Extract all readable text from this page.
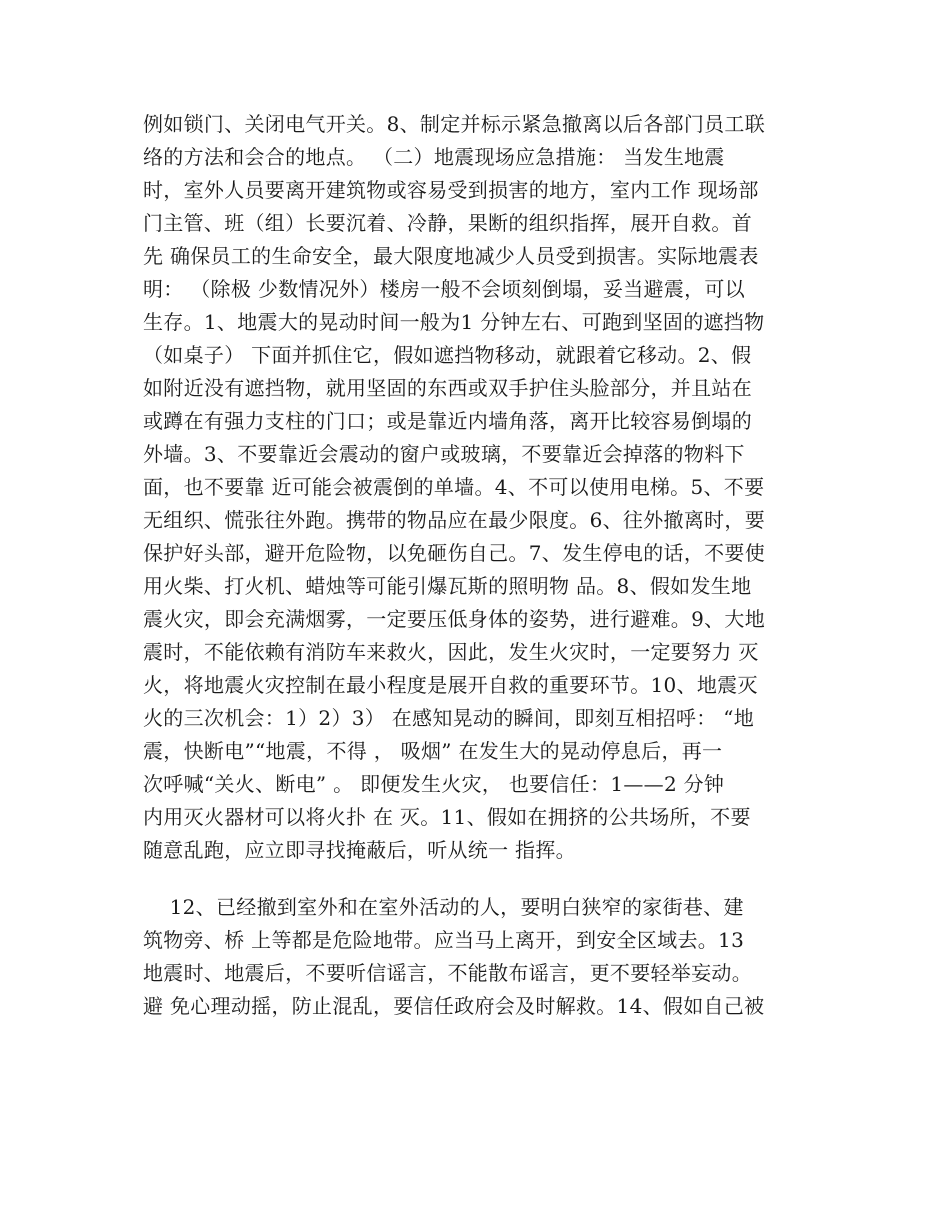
例如锁门、关闭电气开关。8、制定并标示紧急撤离以后各部门员工联
络的方法和会合的地点。 （二）地震现场应急措施： 当发生地震
时，室外人员要离开建筑物或容易受到损害的地方，室内工作 现场部
门主管、班（组）长要沉着、冷静，果断的组织指挥，展开自救。首
先 确保员工的生命安全，最大限度地减少人员受到损害。实际地震表
明： （除极 少数情况外）楼房一般不会顷刻倒塌，妥当避震，可以
生存。1、地震大的晃动时间一般为1 分钟左右、可跑到坚固的遮挡物
（如桌子） 下面并抓住它，假如遮挡物移动，就跟着它移动。2、假
如附近没有遮挡物，就用坚固的东西或双手护住头脸部分，并且站在
或蹲在有强力支柱的门口；或是靠近内墙角落，离开比较容易倒塌的
外墙。3、不要靠近会震动的窗户或玻璃，不要靠近会掉落的物料下
面，也不要靠 近可能会被震倒的单墙。4、不可以使用电梯。5、不要
无组织、慌张往外跑。携带的物品应在最少限度。6、往外撤离时，要
保护好头部，避开危险物，以免砸伤自己。7、发生停电的话，不要使
用火柴、打火机、蜡烛等可能引爆瓦斯的照明物 品。8、假如发生地
震火灾，即会充满烟雾，一定要压低身体的姿势，进行避难。9、大地
震时，不能依赖有消防车来救火，因此，发生火灾时，一定要努力 灭
火，将地震火灾控制在最小程度是展开自救的重要环节。10、地震灭
火的三次机会：1）2）3） 在感知晃动的瞬间，即刻互相招呼： “地
震，快断电”“地震，不得 ， 吸烟” 在发生大的晃动停息后，再一
次呼喊“关火、断电” 。 即便发生火灾， 也要信任：1——2 分钟
内用灭火器材可以将火扑 在 灭。11、假如在拥挤的公共场所，不要
随意乱跑，应立即寻找掩蔽后，听从统一 指挥。
12、已经撤到室外和在室外活动的人，要明白狭窄的家街巷、建
筑物旁、桥 上等都是危险地带。应当马上离开，到安全区域去。13
地震时、地震后，不要听信谣言，不能散布谣言，更不要轻举妄动。
避 免心理动摇，防止混乱，要信任政府会及时解救。14、假如自己被
